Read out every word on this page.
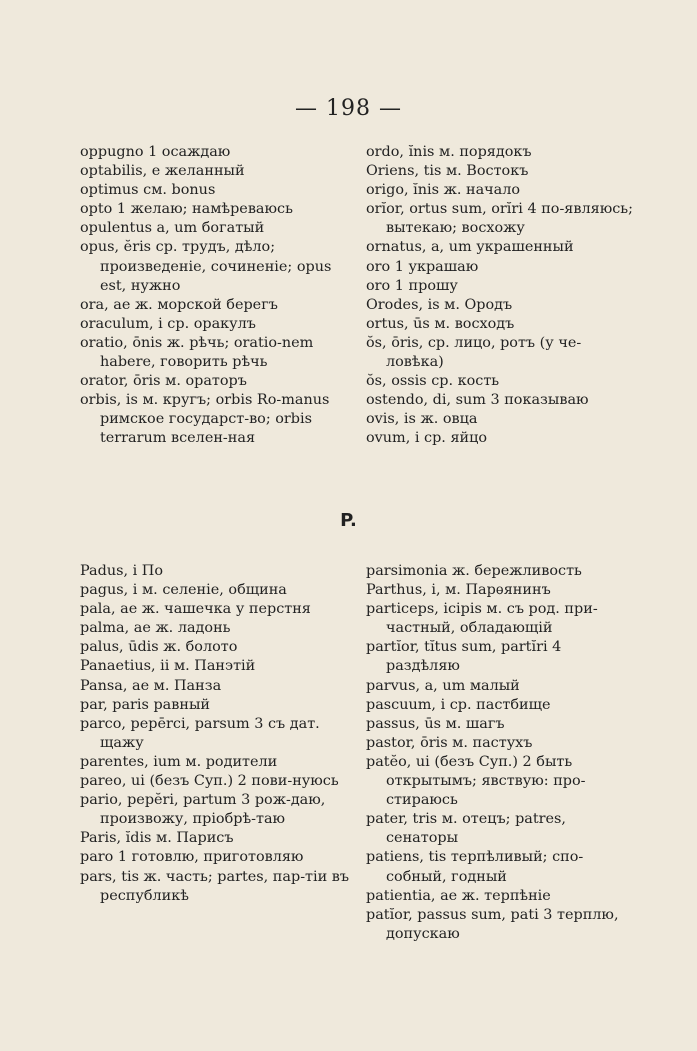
— 198 —

oppugno 1 осаждаю

optabilis, e желанный

optimus см. bonus

opto 1 желаю; намѣреваюсь

opulentus a, um богатый

opus, ĕris ср. трудъ, дѣло; произведеніе, сочиненіе; opus est, нужно

ora, ae ж. морской берегъ

oraculum, i ср. оракулъ

oratio, ōnis ж. рѣчь; oratio-nem habere, говорить рѣчь

orator, ōris м. ораторъ

orbis, is м. кругъ; orbis Ro-manus римское государст-во; orbis terrarum вселен-ная

ordo, ĭnis м. порядокъ

Oriens, tis м. Востокъ

origo, ĭnis ж. начало

orĭor, ortus sum, orĭri 4 по-являюсь; вытекаю; восхожу

ornatus, a, um украшенный

oro 1 украшаю

oro 1 прошу

Orodes, is м. Ородъ

ortus, ūs м. восходъ

ŏs, ōris, ср. лицо, ротъ (у че-ловѣка)

ŏs, ossis ср. кость

ostendo, di, sum 3 показываю

ovis, is ж. овца

ovum, i ср. яйцо

P.

Padus, i По

pagus, i м. селеніе, община

pala, ae ж. чашечка у перстня

palma, ae ж. ладонь

palus, ūdis ж. болото

Panaetius, ii м. Панэтій

Pansa, ae м. Панза

par, paris равный

parco, pepērci, parsum 3 съ дат. щажу

parentes, ium м. родители

pareo, ui (безъ Суп.) 2 пови-нуюсь

pario, pepĕri, partum 3 рож-даю, произвожу, пріобрѣ-таю

Paris, ĭdis м. Парисъ

paro 1 готовлю, приготовляю

pars, tis ж. часть; partes, пар-тіи въ республикѣ

parsimonia ж. бережливость

Parthus, i, м. Парѳянинъ

particeps, icipis м. съ род. при-частный, обладающій

partĭor, tĭtus sum, partĭri 4 раздѣляю

parvus, a, um малый

pascuum, i ср. пастбище

passus, ūs м. шагъ

pastor, ōris м. пастухъ

patĕo, ui (безъ Суп.) 2 быть открытымъ; явствую: про-стираюсь

pater, tris м. отецъ; patres, сенаторы

patiens, tis терпѣливый; спо-собный, годный

patientia, ae ж. терпѣніе

patĭor, passus sum, pati 3 терплю, допускаю
